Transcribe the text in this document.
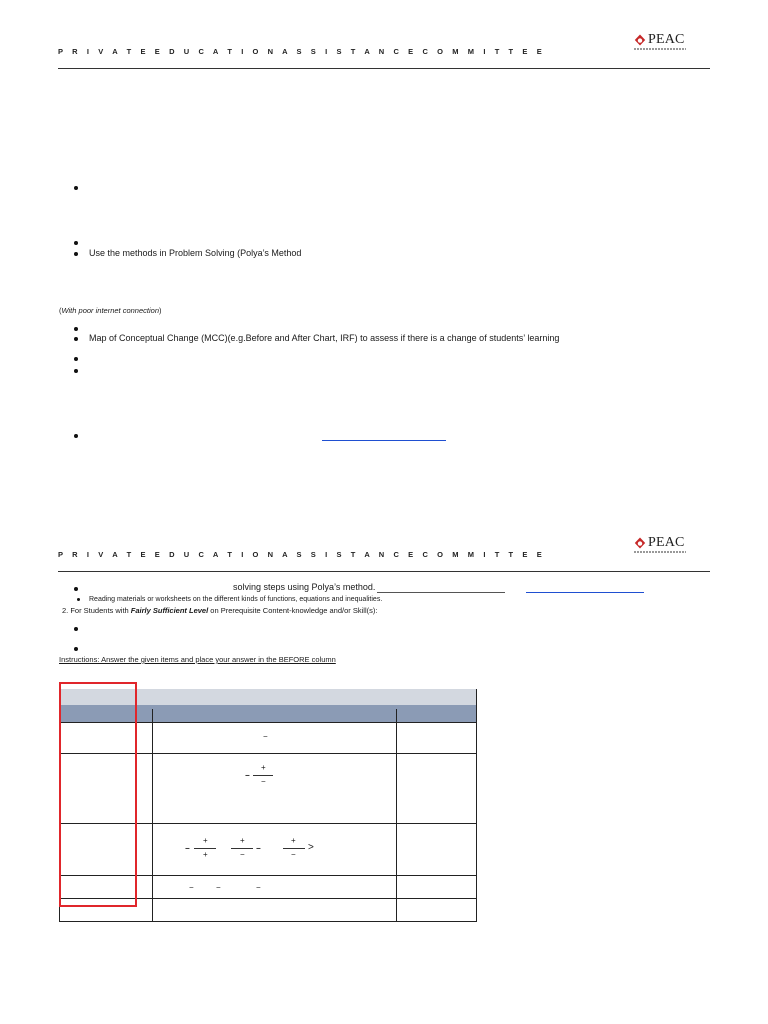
P R I V A T E E D U C A T I O N A S S I S T A N C E C O M M I T T E E
PEAC
Use the methods in Problem Solving (Polya’s Method
(With poor internet connection)
Map of Conceptual Change (MCC)(e.g.Before and After Chart, IRF) to assess if there is a change of students’ learning
P R I V A T E E D U C A T I O N A S S I S T A N C E C O M M I T T E E
PEAC
solving steps using Polya’s method.
Reading materials or worksheets on the different kinds of functions, equations and inequalities.
2. For Students with Fairly Sufficient Level on Prerequisite Content-knowledge and/or Skill(s):
Instructions: Answer the given items and place your answer in the BEFORE column
−
−
+
−
−
+
+
+
−
−
+
−
>
−	−	−
